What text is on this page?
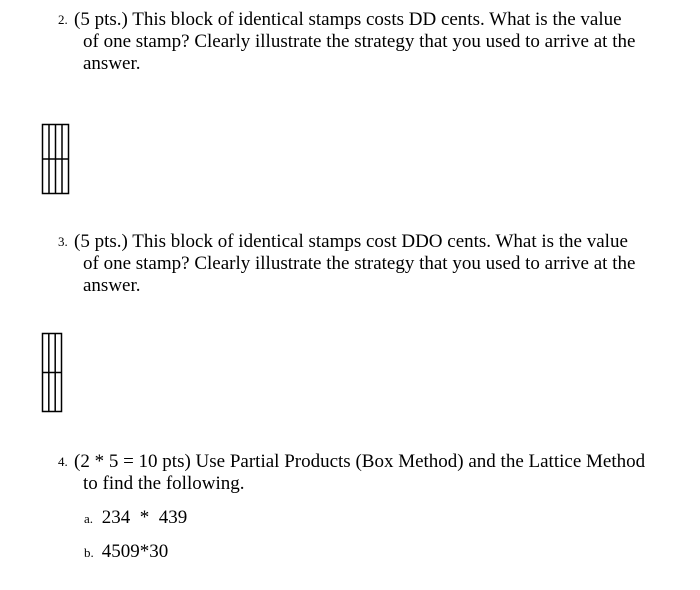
2. (5 pts.) This block of identical stamps costs DD cents. What is the value
of one stamp? Clearly illustrate the strategy that you used to arrive at the
answer.
3. (5 pts.) This block of identical stamps cost DDO cents. What is the value
of one stamp? Clearly illustrate the strategy that you used to arrive at the
answer.
4. (2 * 5 = 10 pts) Use Partial Products (Box Method) and the Lattice Method
to find the following.
a. 234  *  439
b. 4509*30
